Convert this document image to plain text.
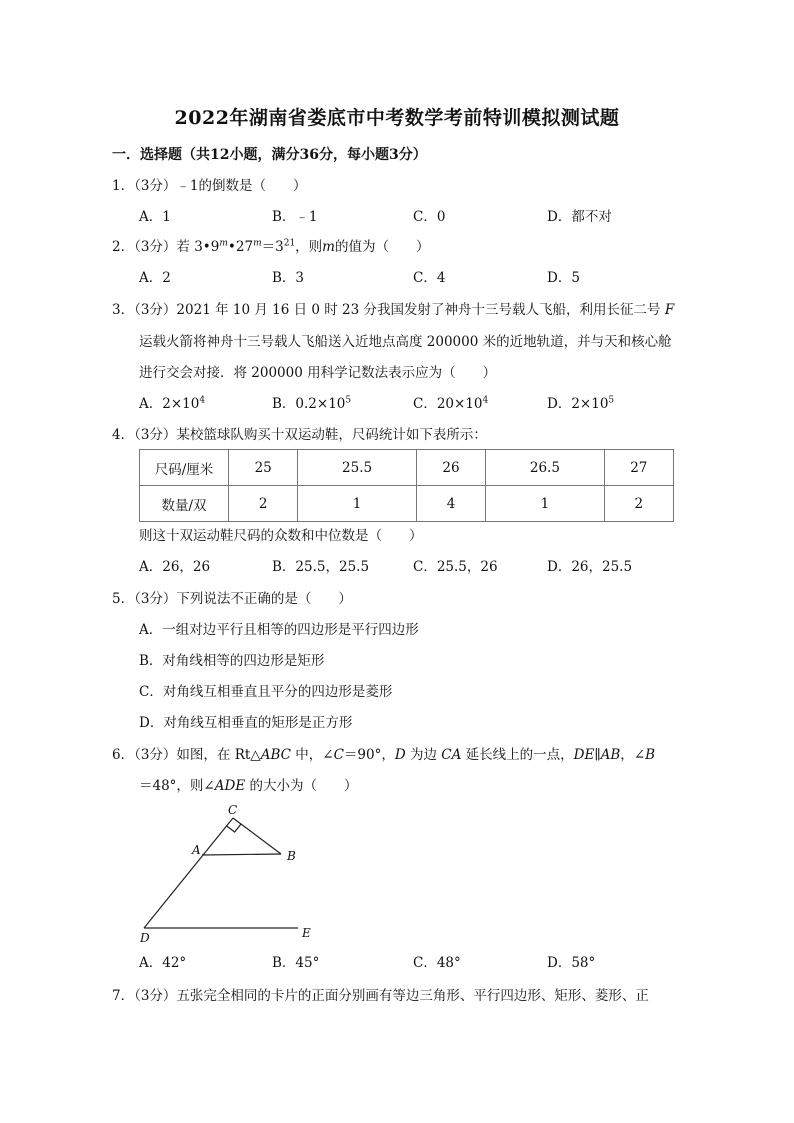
2022年湖南省娄底市中考数学考前特训模拟测试题
一．选择题（共12小题，满分36分，每小题3分）
1．（3分）﹣1的倒数是（　　）
A．1	B．﹣1	C．0	D．都不对
2．（3分）若 $3•9^m•27^m=3^{21}$，则m的值为（　　）
A．2	B．3	C．4	D．5
3．（3分）2021 年 10 月 16 日 0 时 23 分我国发射了神舟十三号载人飞船，利用长征二号 F
运载火箭将神舟十三号载人飞船送入近地点高度 200000 米的近地轨道，并与天和核心舱
进行交会对接．将 200000 用科学记数法表示应为（　　）
A．$2\times 10^4$	B．$0.2\times 10^5$	C．$20\times 10^4$	D．$2\times 10^5$
4．（3分）某校篮球队购买十双运动鞋，尺码统计如下表所示：
尺码/厘米	25	25.5	26	26.5	27
数量/双	2	1	4	1	2
则这十双运动鞋尺码的众数和中位数是（　　）
A．26，26	B．25.5，25.5	C．25.5，26	D．26，25.5
5．（3分）下列说法不正确的是（　　）
A．一组对边平行且相等的四边形是平行四边形
B．对角线相等的四边形是矩形
C．对角线互相垂直且平分的四边形是菱形
D．对角线互相垂直的矩形是正方形
6．（3分）如图，在 Rt△ABC 中，∠C＝90°，D 为边 CA 延长线上的一点，DE∥AB，∠B
＝48°，则∠ADE 的大小为（　　）
C
A	B
D	E
A．42°	B．45°	C．48°	D．58°
7．（3分）五张完全相同的卡片的正面分别画有等边三角形、平行四边形、矩形、菱形、正
